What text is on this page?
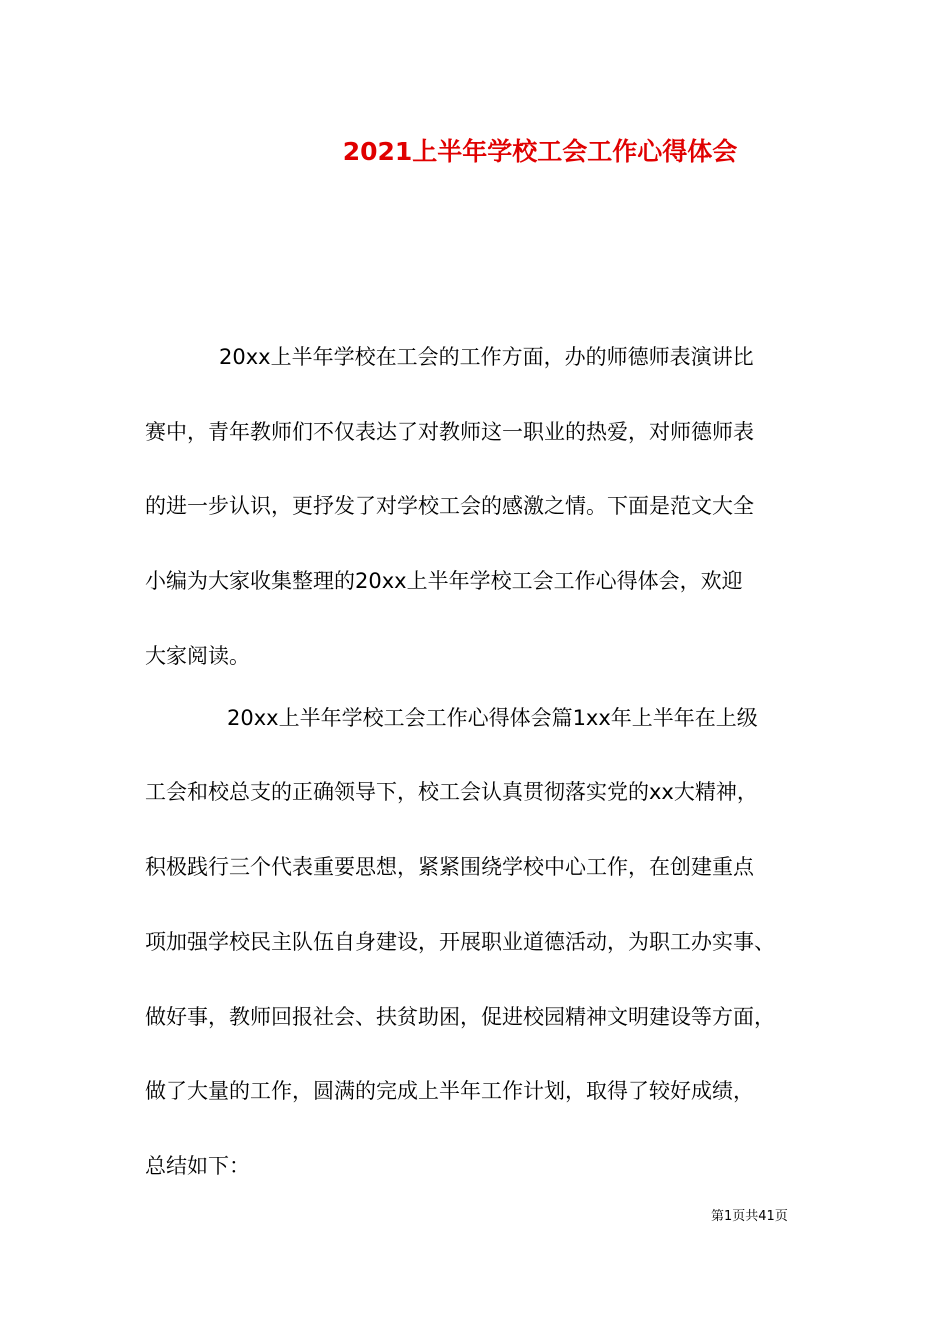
2021上半年学校工会工作心得体会
20xx上半年学校在工会的工作方面，办的师德师表演讲比
赛中，青年教师们不仅表达了对教师这一职业的热爱，对师德师表
的进一步认识，更抒发了对学校工会的感激之情。下面是范文大全
小编为大家收集整理的20xx上半年学校工会工作心得体会，欢迎
大家阅读。
20xx上半年学校工会工作心得体会篇1xx年上半年在上级
工会和校总支的正确领导下，校工会认真贯彻落实党的xx大精神，
积极践行三个代表重要思想，紧紧围绕学校中心工作，在创建重点
项加强学校民主队伍自身建设，开展职业道德活动，为职工办实事、
做好事，教师回报社会、扶贫助困，促进校园精神文明建设等方面，
做了大量的工作，圆满的完成上半年工作计划，取得了较好成绩，
总结如下：
第1页共41页
